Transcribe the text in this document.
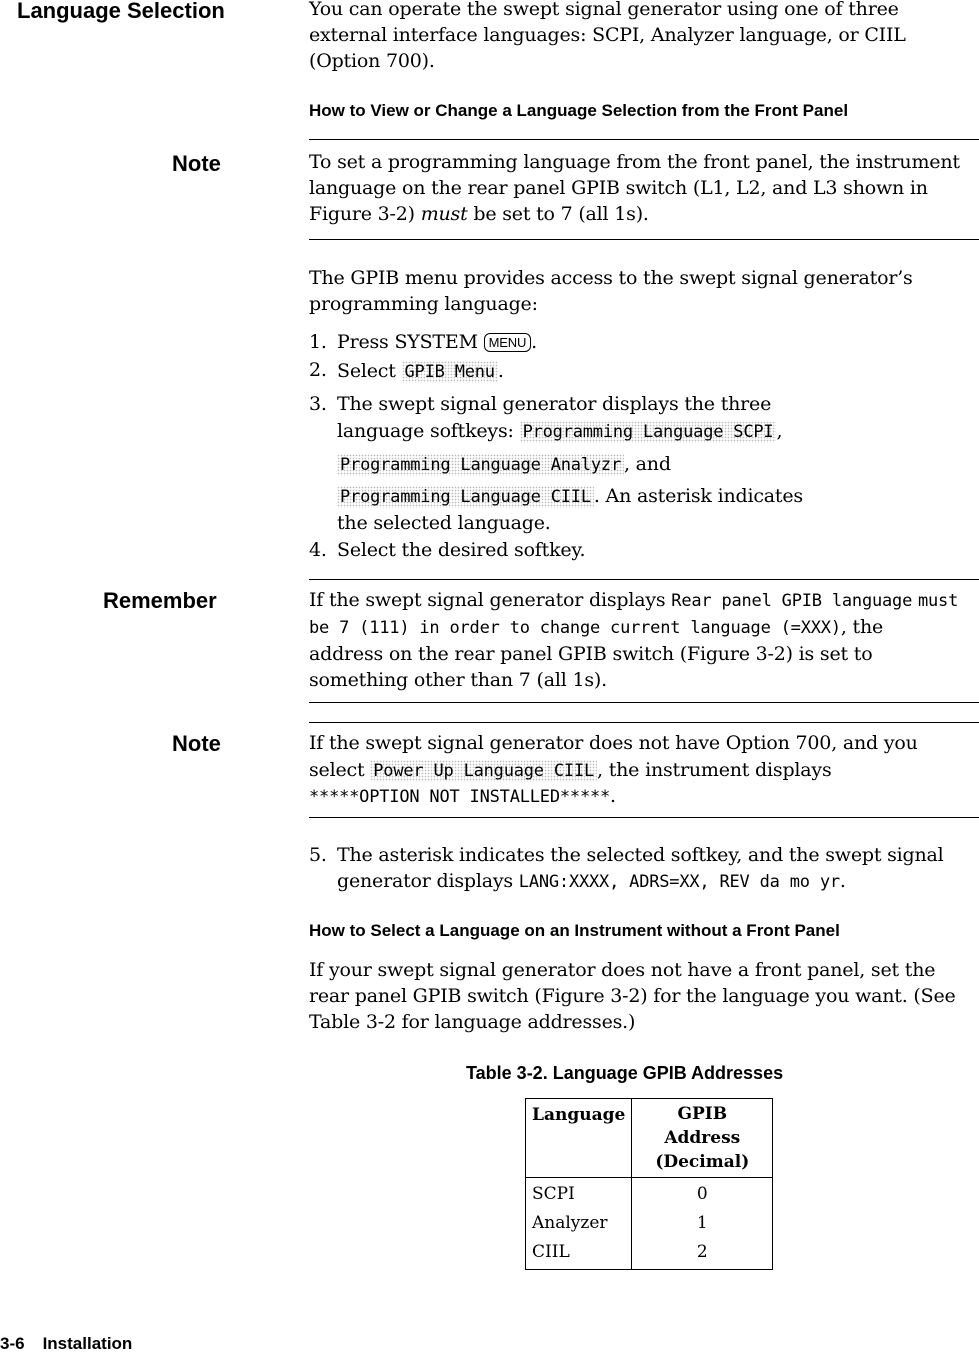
Language Selection	You can operate the swept signal generator using one of three external interface languages: SCPI, Analyzer language, or CIIL (Option 700).
How to View or Change a Language Selection from the Front Panel
Note	To set a programming language from the front panel, the instrument language on the rear panel GPIB switch (L1, L2, and L3 shown in Figure 3-2) must be set to 7 (all 1s).
The GPIB menu provides access to the swept signal generator’s programming language:
1. Press SYSTEM MENU .
2. Select GPIB Menu .
3. The swept signal generator displays the three
language softkeys: Programming Language SCPI ,
Programming Language Analyzr , and
Programming Language CIIL . An asterisk indicates
the selected language.
4. Select the desired softkey.
Remember	If the swept signal generator displays Rear panel GPIB language must be 7 (111) in order to change current language (=XXX), the address on the rear panel GPIB switch (Figure 3-2) is set to something other than 7 (all 1s).
Note	If the swept signal generator does not have Option 700, and you
select Power Up Language CIIL , the instrument displays
*****OPTION NOT INSTALLED*****.
5. The asterisk indicates the selected softkey, and the swept signal
generator displays LANG:XXXX, ADRS=XX, REV da mo yr.
How to Select a Language on an Instrument without a Front Panel
If your swept signal generator does not have a front panel, set the rear panel GPIB switch (Figure 3-2) for the language you want. (See Table 3-2 for language addresses.)
Table 3-2. Language GPIB Addresses
Language	GPIB Address
(Decimal)
SCPI	0
Analyzer	1
CIIL	2
3-6 Installation
